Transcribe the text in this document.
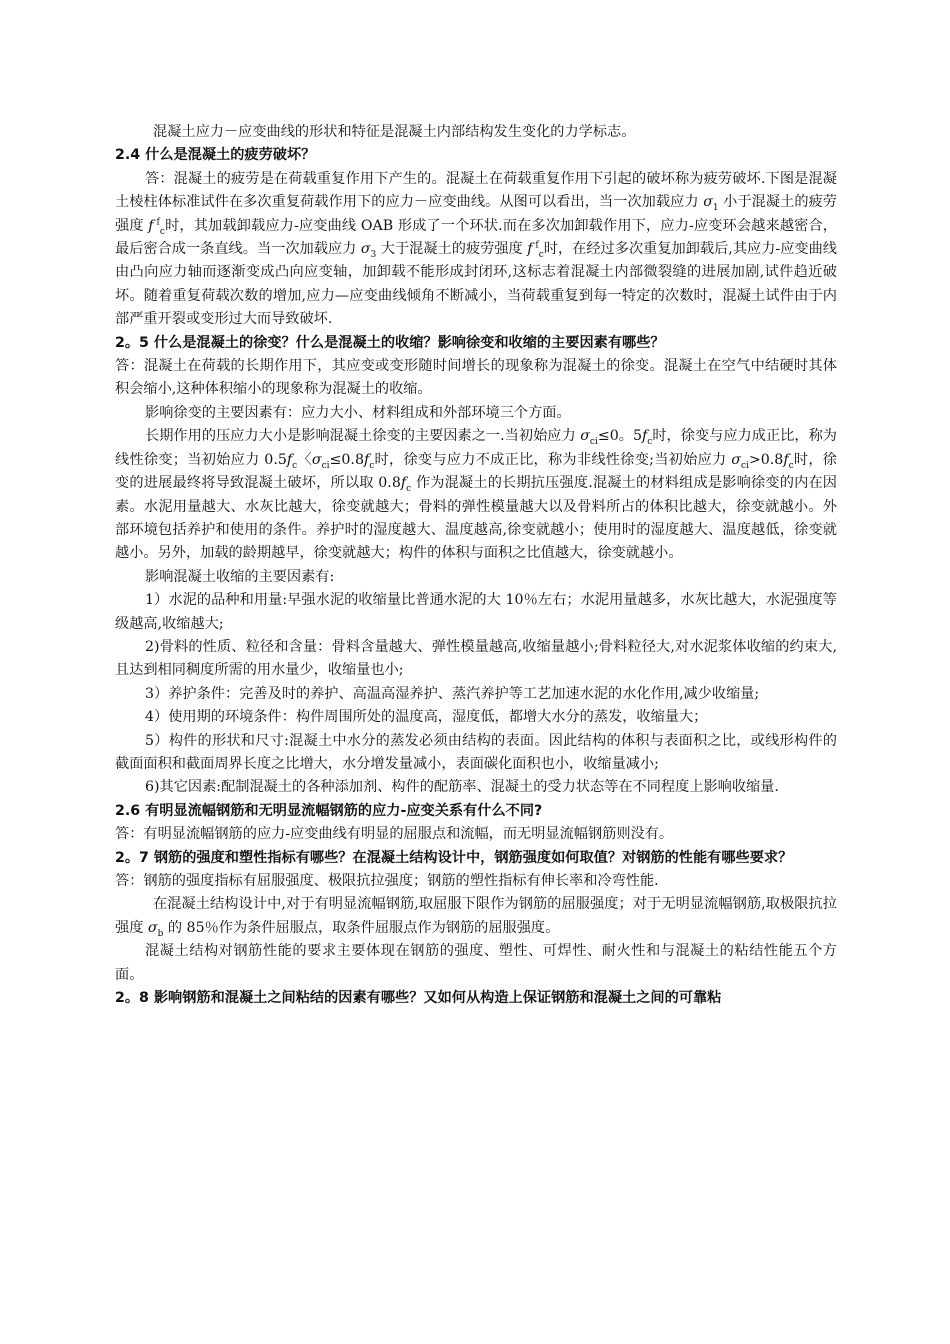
混凝土应力－应变曲线的形状和特征是混凝土内部结构发生变化的力学标志。

2.4 什么是混凝土的疲劳破坏？

答：混凝土的疲劳是在荷载重复作用下产生的。混凝土在荷载重复作用下引起的破坏称为疲劳破坏.下图是混凝土棱柱体标准试件在多次重复荷载作用下的应力－应变曲线。从图可以看出，当一次加载应力 $\sigma_1$ 小于混凝土的疲劳强度 f $^f_c$时，其加载卸载应力-应变曲线 OAB 形成了一个环状.而在多次加卸载作用下，应力-应变环会越来越密合，最后密合成一条直线。当一次加载应力 $\sigma_3$ 大于混凝土的疲劳强度 f $^f_c$时，在经过多次重复加卸载后,其应力-应变曲线由凸向应力轴而逐渐变成凸向应变轴，加卸载不能形成封闭环,这标志着混凝土内部微裂缝的进展加剧,试件趋近破坏。随着重复荷载次数的增加,应力—应变曲线倾角不断减小，当荷载重复到每一特定的次数时，混凝土试件由于内部严重开裂或变形过大而导致破坏.

2。5 什么是混凝土的徐变？什么是混凝土的收缩？影响徐变和收缩的主要因素有哪些？

答：混凝土在荷载的长期作用下，其应变或变形随时间增长的现象称为混凝土的徐变。混凝土在空气中结硬时其体积会缩小,这种体积缩小的现象称为混凝土的收缩。

影响徐变的主要因素有：应力大小、材料组成和外部环境三个方面。

长期作用的压应力大小是影响混凝土徐变的主要因素之一.当初始应力 $\sigma_{ci}\le 0$。$5f_c$时，徐变与应力成正比，称为线性徐变；当初始应力 $0.5f_c$〈$\sigma_{ci}\le 0.8f_c$时，徐变与应力不成正比，称为非线性徐变;当初始应力 $\sigma_{ci}>0.8f_c$时，徐变的进展最终将导致混凝土破坏，所以取 $0.8f_c$ 作为混凝土的长期抗压强度.混凝土的材料组成是影响徐变的内在因素。水泥用量越大、水灰比越大，徐变就越大；骨料的弹性模量越大以及骨料所占的体积比越大，徐变就越小。外部环境包括养护和使用的条件。养护时的湿度越大、温度越高,徐变就越小；使用时的湿度越大、温度越低，徐变就越小。另外，加载的龄期越早，徐变就越大；构件的体积与面积之比值越大，徐变就越小。

影响混凝土收缩的主要因素有:

1）水泥的品种和用量:早强水泥的收缩量比普通水泥的大 10％左右；水泥用量越多，水灰比越大，水泥强度等级越高,收缩越大;

2)骨料的性质、粒径和含量：骨料含量越大、弹性模量越高,收缩量越小;骨料粒径大,对水泥浆体收缩的约束大,且达到相同稠度所需的用水量少，收缩量也小;

3）养护条件：完善及时的养护、高温高湿养护、蒸汽养护等工艺加速水泥的水化作用,减少收缩量;

4）使用期的环境条件：构件周围所处的温度高，湿度低，都增大水分的蒸发，收缩量大；

5）构件的形状和尺寸:混凝土中水分的蒸发必须由结构的表面。因此结构的体积与表面积之比，或线形构件的截面面积和截面周界长度之比增大，水分增发量减小，表面碳化面积也小，收缩量减小;

6)其它因素:配制混凝土的各种添加剂、构件的配筋率、混凝土的受力状态等在不同程度上影响收缩量.

2.6 有明显流幅钢筋和无明显流幅钢筋的应力-应变关系有什么不同?

答：有明显流幅钢筋的应力-应变曲线有明显的屈服点和流幅，而无明显流幅钢筋则没有。

2。7 钢筋的强度和塑性指标有哪些？在混凝土结构设计中，钢筋强度如何取值？对钢筋的性能有哪些要求？

答：钢筋的强度指标有屈服强度、极限抗拉强度；钢筋的塑性指标有伸长率和冷弯性能.

在混凝土结构设计中,对于有明显流幅钢筋,取屈服下限作为钢筋的屈服强度；对于无明显流幅钢筋,取极限抗拉强度 $\sigma_b$ 的 85％作为条件屈服点，取条件屈服点作为钢筋的屈服强度。

混凝土结构对钢筋性能的要求主要体现在钢筋的强度、塑性、可焊性、耐火性和与混凝土的粘结性能五个方面。

2。8 影响钢筋和混凝土之间粘结的因素有哪些？又如何从构造上保证钢筋和混凝土之间的可靠粘
